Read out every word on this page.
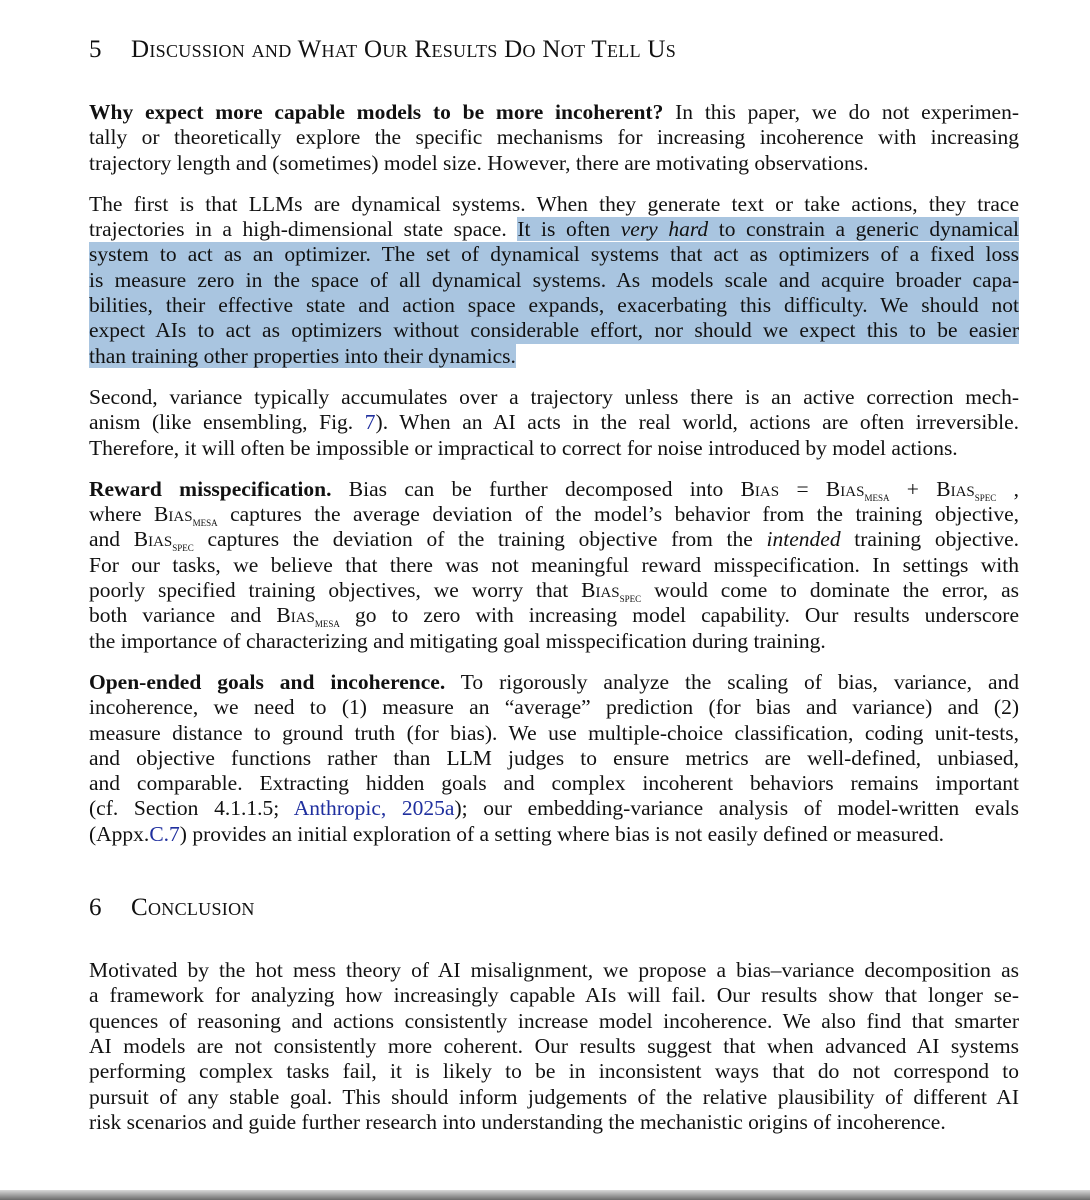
5 Discussion and What Our Results Do Not Tell Us

Why expect more capable models to be more incoherent? In this paper, we do not experimen-
tally or theoretically explore the specific mechanisms for increasing incoherence with increasing
trajectory length and (sometimes) model size. However, there are motivating observations.

The first is that LLMs are dynamical systems. When they generate text or take actions, they trace
trajectories in a high-dimensional state space. It is often very hard to constrain a generic dynamical
system to act as an optimizer. The set of dynamical systems that act as optimizers of a fixed loss
is measure zero in the space of all dynamical systems. As models scale and acquire broader capa-
bilities, their effective state and action space expands, exacerbating this difficulty. We should not
expect AIs to act as optimizers without considerable effort, nor should we expect this to be easier
than training other properties into their dynamics.

Second, variance typically accumulates over a trajectory unless there is an active correction mech-
anism (like ensembling, Fig. 7). When an AI acts in the real world, actions are often irreversible.
Therefore, it will often be impossible or impractical to correct for noise introduced by model actions.

Reward misspecification. Bias can be further decomposed into Bias = Bias$_{mesa}$ + Bias$_{spec}$ ,
where Bias$_{mesa}$ captures the average deviation of the model’s behavior from the training objective,
and Bias$_{spec}$ captures the deviation of the training objective from the intended training objective.
For our tasks, we believe that there was not meaningful reward misspecification. In settings with
poorly specified training objectives, we worry that Bias$_{spec}$ would come to dominate the error, as
both variance and Bias$_{mesa}$ go to zero with increasing model capability. Our results underscore
the importance of characterizing and mitigating goal misspecification during training.

Open-ended goals and incoherence. To rigorously analyze the scaling of bias, variance, and
incoherence, we need to (1) measure an “average” prediction (for bias and variance) and (2)
measure distance to ground truth (for bias). We use multiple-choice classification, coding unit-tests,
and objective functions rather than LLM judges to ensure metrics are well-defined, unbiased,
and comparable. Extracting hidden goals and complex incoherent behaviors remains important
(cf. Section 4.1.1.5; Anthropic, 2025a); our embedding-variance analysis of model-written evals
(Appx.C.7) provides an initial exploration of a setting where bias is not easily defined or measured.

6 Conclusion

Motivated by the hot mess theory of AI misalignment, we propose a bias–variance decomposition as
a framework for analyzing how increasingly capable AIs will fail. Our results show that longer se-
quences of reasoning and actions consistently increase model incoherence. We also find that smarter
AI models are not consistently more coherent. Our results suggest that when advanced AI systems
performing complex tasks fail, it is likely to be in inconsistent ways that do not correspond to
pursuit of any stable goal. This should inform judgements of the relative plausibility of different AI
risk scenarios and guide further research into understanding the mechanistic origins of incoherence.
